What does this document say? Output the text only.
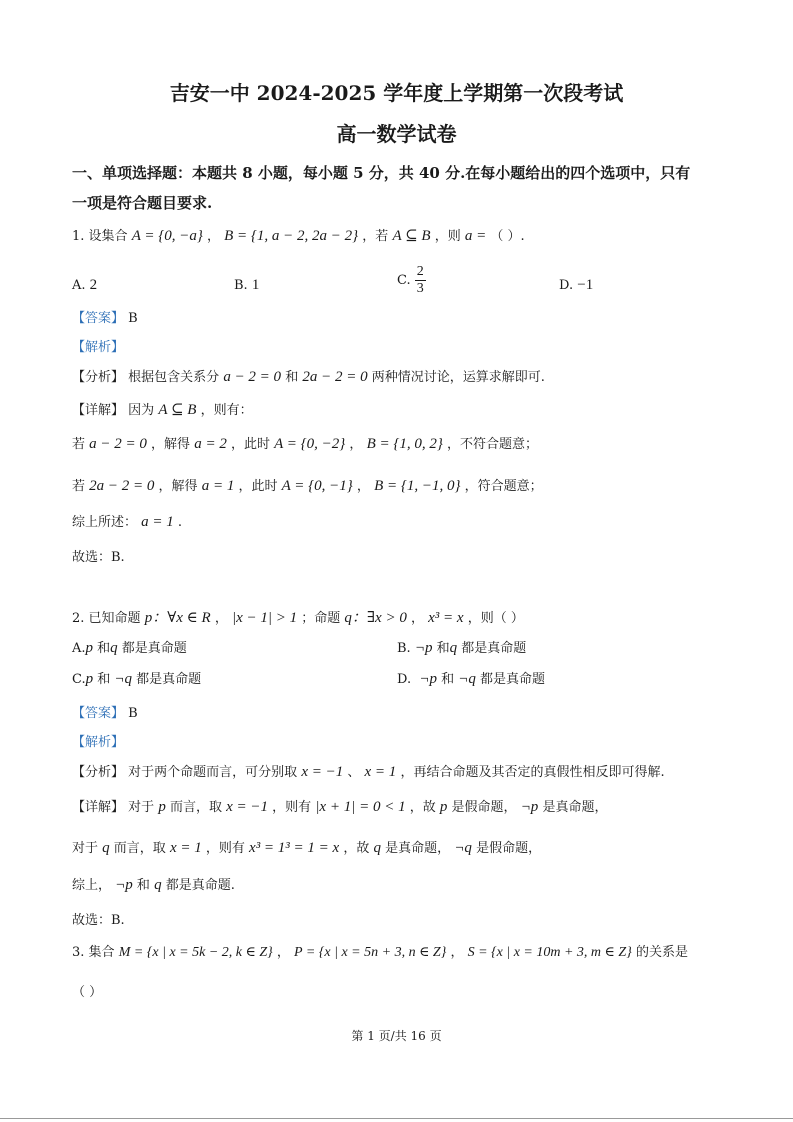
吉安一中 2024-2025 学年度上学期第一次段考试
高一数学试卷
一、单项选择题：本题共 8 小题，每小题 5 分，共 40 分.在每小题给出的四个选项中，只有
一项是符合题目要求.
1. 设集合 A = {0, −a} ， B = {1, a − 2, 2a − 2} ，若 A ⊆ B ，则 a = （ ）.
A. 2	B. 1	C. $\frac{2}{3}$	D. −1
【答案】 B
【解析】
【分析】 根据包含关系分 a − 2 = 0 和 2a − 2 = 0 两种情况讨论，运算求解即可.
【详解】 因为 A ⊆ B ，则有：
若 a − 2 = 0 ，解得 a = 2 ，此时 A = {0, −2} ， B = {1, 0, 2} ，不符合题意；
若 2a − 2 = 0 ，解得 a = 1 ，此时 A = {0, −1} ， B = {1, −1, 0} ，符合题意；
综上所述： a = 1 .
故选：B.
2. 已知命题 p：∀x ∈ R ， |x − 1| > 1 ；命题 q：∃x > 0 ， x³ = x ，则（ ）
A.p 和q 都是真命题	B. ¬p 和q 都是真命题
C.p 和 ¬q 都是真命题	D. ¬p 和 ¬q 都是真命题
【答案】 B
【解析】
【分析】 对于两个命题而言，可分别取 x = −1 、 x = 1 ，再结合命题及其否定的真假性相反即可得解.
【详解】 对于 p 而言，取 x = −1 ，则有 |x + 1| = 0 < 1 ，故 p 是假命题， ¬p 是真命题，
对于 q 而言，取 x = 1 ，则有 x³ = 1³ = 1 = x ，故 q 是真命题， ¬q 是假命题，
综上， ¬p 和 q 都是真命题.
故选：B.
3. 集合 M = {x | x = 5k − 2, k ∈ Z} ， P = {x | x = 5n + 3, n ∈ Z} ， S = {x | x = 10m + 3, m ∈ Z} 的关系是
（ ）
第 1 页/共 16 页
